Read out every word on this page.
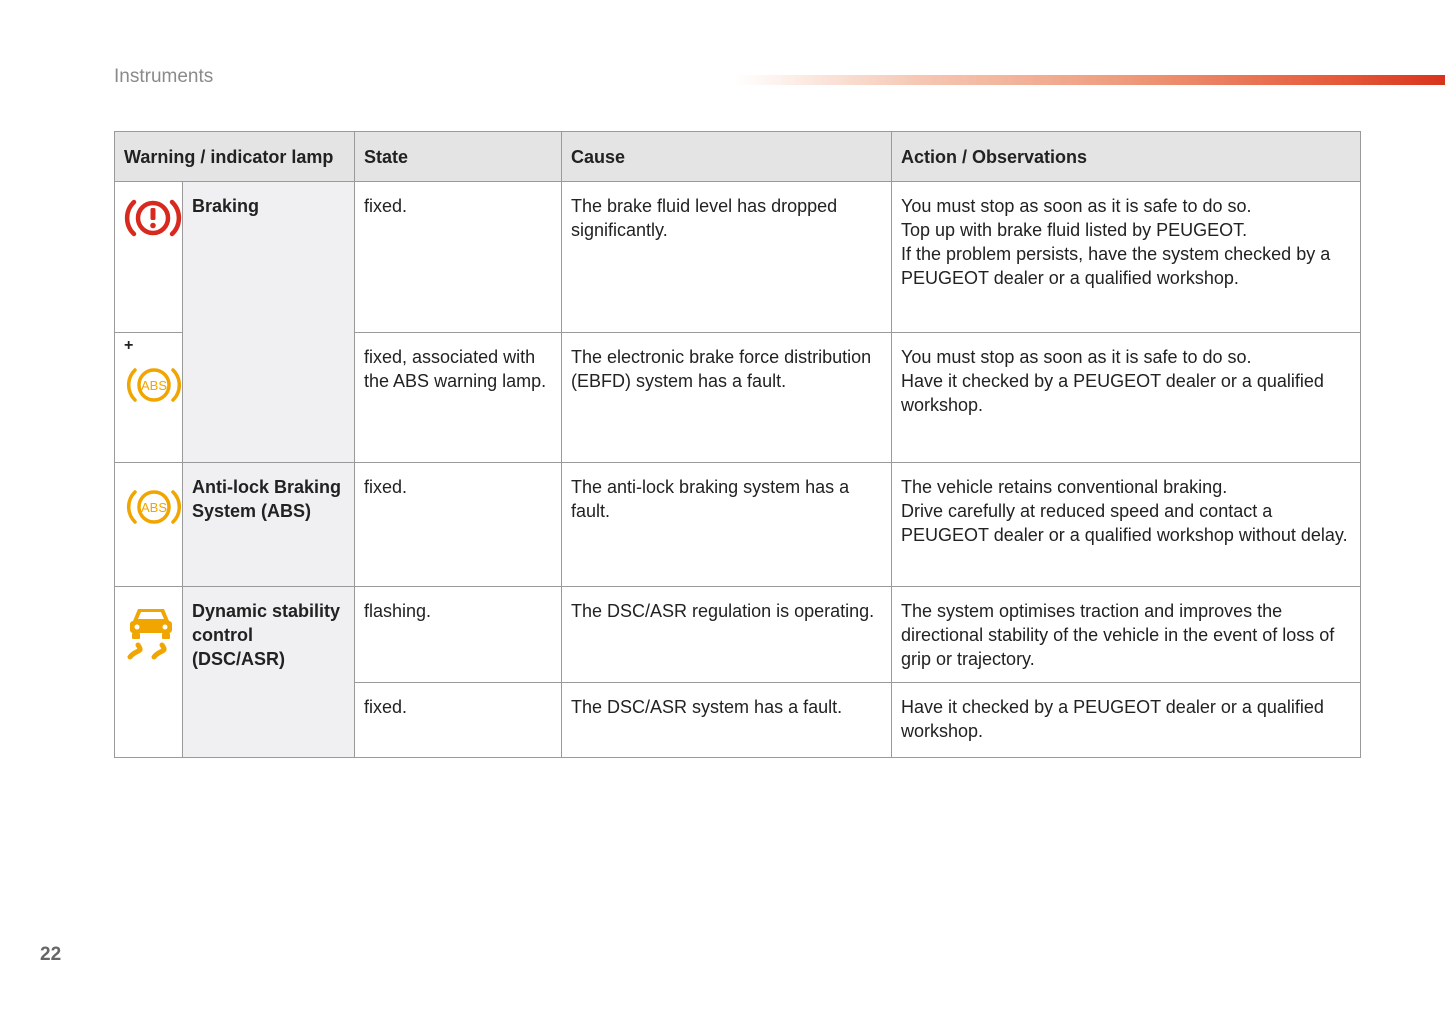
Instruments
Warning / indicator lamp		State	Cause	Action / Observations
	Braking	fixed.	The brake fluid level has dropped significantly.	You must stop as soon as it is safe to do so.
Top up with brake fluid listed by PEUGEOT.
If the problem persists, have the system checked by a PEUGEOT dealer or a qualified workshop.

+
ABS		fixed, associated with the ABS warning lamp.	The electronic brake force distribution (EBFD) system has a fault.	You must stop as soon as it is safe to do so.
Have it checked by a PEUGEOT dealer or a qualified workshop.

ABS	Anti-lock Braking System (ABS)	fixed.	The anti-lock braking system has a fault.	The vehicle retains conventional braking.
Drive carefully at reduced speed and contact a PEUGEOT dealer or a qualified workshop without delay.

	Dynamic stability control (DSC/ASR)	flashing.	The DSC/ASR regulation is operating.	The system optimises traction and improves the directional stability of the vehicle in the event of loss of grip or trajectory.

		fixed.	The DSC/ASR system has a fault.	Have it checked by a PEUGEOT dealer or a qualified workshop.
22
